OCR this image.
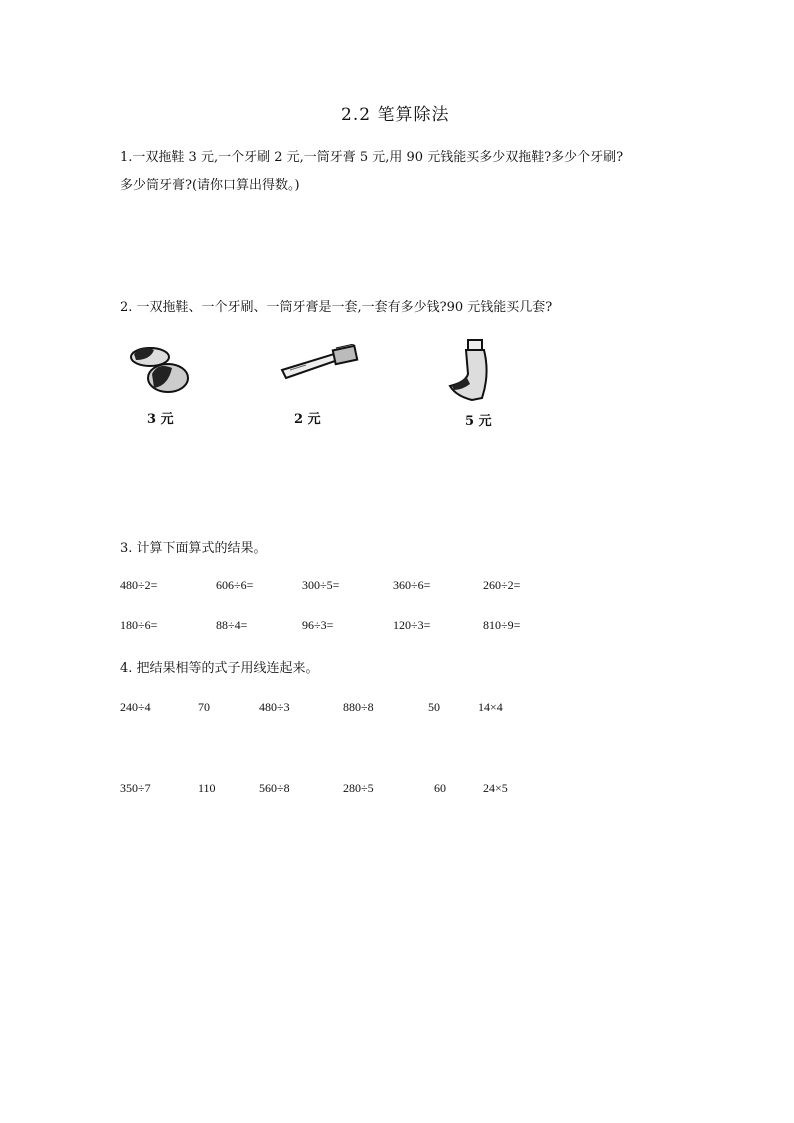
2.2 笔算除法
1.一双拖鞋 3 元,一个牙刷 2 元,一筒牙膏 5 元,用 90 元钱能买多少双拖鞋?多少个牙刷?
多少筒牙膏?(请你口算出得数。)
2. 一双拖鞋、一个牙刷、一筒牙膏是一套,一套有多少钱?90 元钱能买几套?
3 元	2 元	5 元
3. 计算下面算式的结果。
480÷2=	606÷6=	300÷5=	360÷6=	260÷2=
180÷6=	88÷4=	96÷3=	120÷3=	810÷9=
4. 把结果相等的式子用线连起来。
240÷4	70	480÷3	880÷8	50	14×4
350÷7	110	560÷8	280÷5	60	24×5
